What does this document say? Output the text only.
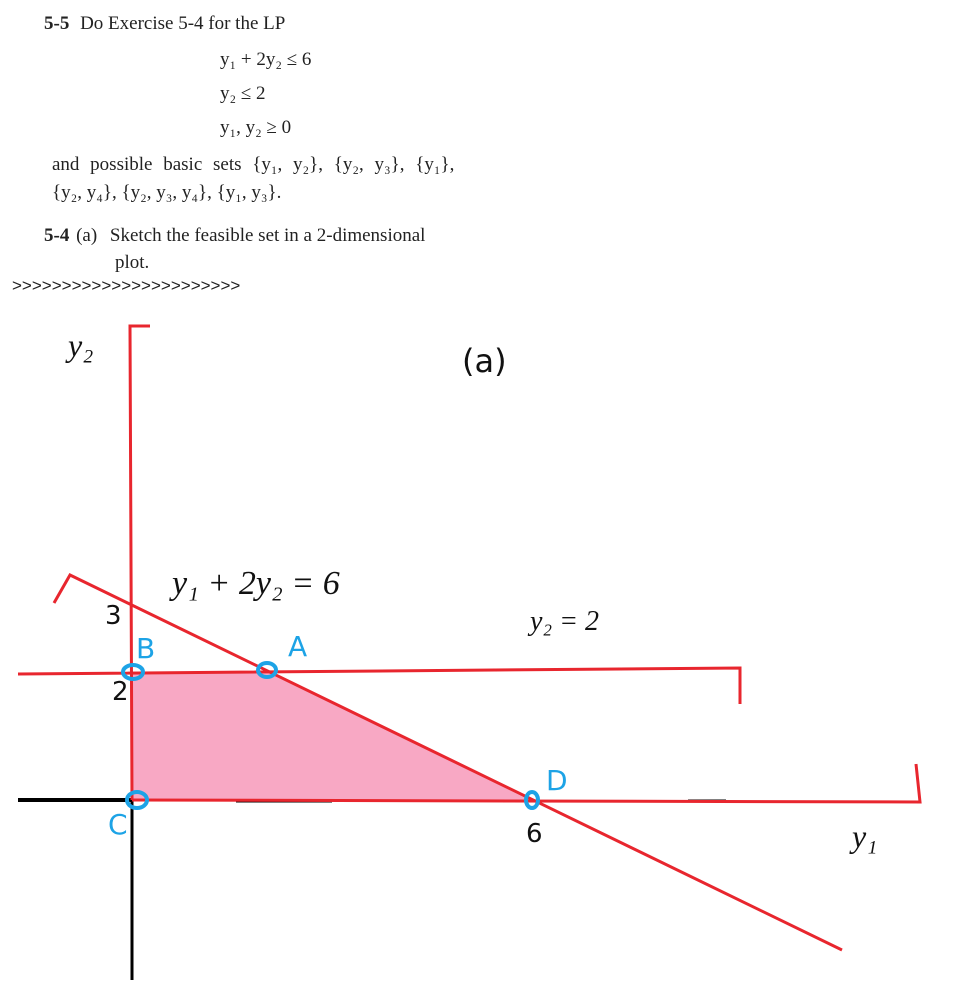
5-5 Do Exercise 5-4 for the LP
y₁ + 2y₂ ≤ 6
y₂ ≤ 2
y₁, y₂ ≥ 0
and possible basic sets {y₁, y₂}, {y₂, y₃}, {y₁},
{y₂, y₄}, {y₂, y₃, y₄}, {y₁, y₃}.
5-4 (a) Sketch the feasible set in a 2-dimensional
plot.
>>>>>>>>>>>>>>>>>>>>>>>
y₂
y₁
(a)
y₁ + 2y₂ = 6
y₂ = 2
3
2
6
A
B
C
D
